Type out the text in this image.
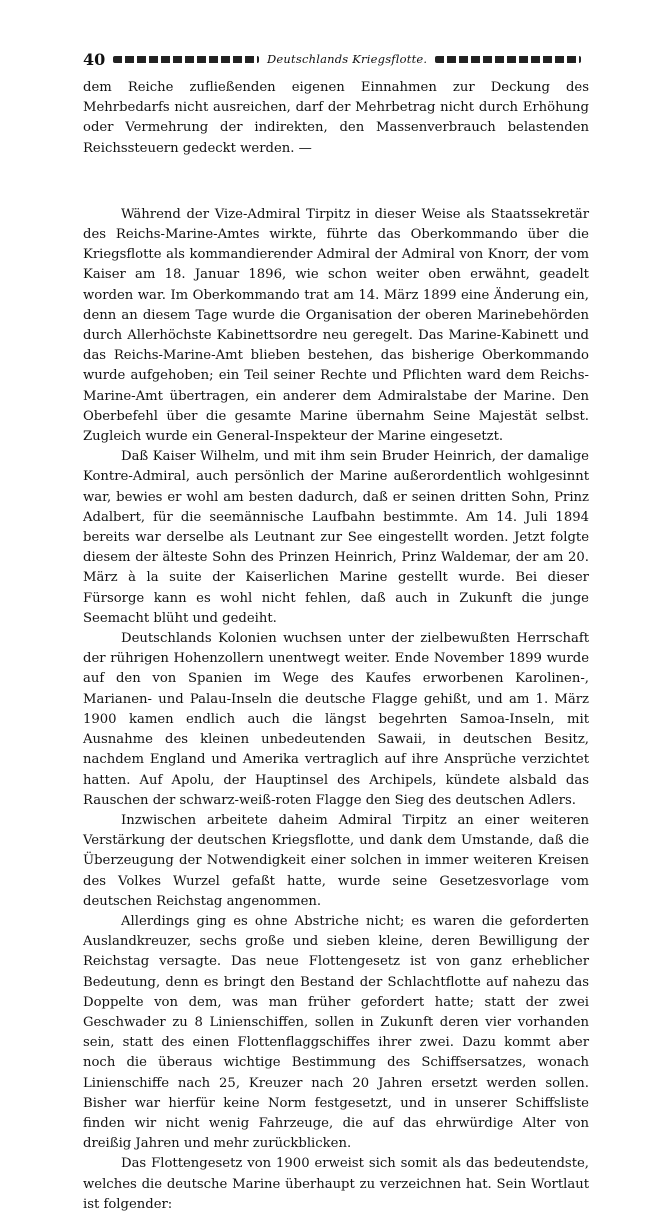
40	Deutschlands Kriegsflotte.

dem Reiche zufließenden eigenen Einnahmen zur Deckung des Mehrbedarfs nicht ausreichen, darf der Mehrbetrag nicht durch Erhöhung oder Vermehrung der indirekten, den Massenverbrauch belastenden Reichssteuern gedeckt werden. —

Während der Vize-Admiral Tirpitz in dieser Weise als Staatssekretär des Reichs-Marine-Amtes wirkte, führte das Oberkommando über die Kriegsflotte als kommandierender Admiral der Admiral von Knorr, der vom Kaiser am 18. Januar 1896, wie schon weiter oben erwähnt, geadelt worden war. Im Oberkommando trat am 14. März 1899 eine Änderung ein, denn an diesem Tage wurde die Organisation der oberen Marinebehörden durch Allerhöchste Kabinettsordre neu geregelt. Das Marine-Kabinett und das Reichs-Marine-Amt blieben bestehen, das bisherige Oberkommando wurde aufgehoben; ein Teil seiner Rechte und Pflichten ward dem Reichs-Marine-Amt übertragen, ein anderer dem Admiralstabe der Marine. Den Oberbefehl über die gesamte Marine übernahm Seine Majestät selbst. Zugleich wurde ein General-Inspekteur der Marine eingesetzt.

Daß Kaiser Wilhelm, und mit ihm sein Bruder Heinrich, der damalige Kontre-Admiral, auch persönlich der Marine außerordentlich wohlgesinnt war, bewies er wohl am besten dadurch, daß er seinen dritten Sohn, Prinz Adalbert, für die seemännische Laufbahn bestimmte. Am 14. Juli 1894 bereits war derselbe als Leutnant zur See eingestellt worden. Jetzt folgte diesem der älteste Sohn des Prinzen Heinrich, Prinz Waldemar, der am 20. März à la suite der Kaiserlichen Marine gestellt wurde. Bei dieser Fürsorge kann es wohl nicht fehlen, daß auch in Zukunft die junge Seemacht blüht und gedeiht.

Deutschlands Kolonien wuchsen unter der zielbewußten Herrschaft der rührigen Hohenzollern unentwegt weiter. Ende November 1899 wurde auf den von Spanien im Wege des Kaufes erworbenen Karolinen-, Marianen- und Palau-Inseln die deutsche Flagge gehißt, und am 1. März 1900 kamen endlich auch die längst begehrten Samoa-Inseln, mit Ausnahme des kleinen unbedeutenden Sawaii, in deutschen Besitz, nachdem England und Amerika vertraglich auf ihre Ansprüche verzichtet hatten. Auf Apolu, der Hauptinsel des Archipels, kündete alsbald das Rauschen der schwarz-weiß-roten Flagge den Sieg des deutschen Adlers.

Inzwischen arbeitete daheim Admiral Tirpitz an einer weiteren Verstärkung der deutschen Kriegsflotte, und dank dem Umstande, daß die Überzeugung der Notwendigkeit einer solchen in immer weiteren Kreisen des Volkes Wurzel gefaßt hatte, wurde seine Gesetzesvorlage vom deutschen Reichstag angenommen.

Allerdings ging es ohne Abstriche nicht; es waren die geforderten Auslandkreuzer, sechs große und sieben kleine, deren Bewilligung der Reichstag versagte. Das neue Flottengesetz ist von ganz erheblicher Bedeutung, denn es bringt den Bestand der Schlachtflotte auf nahezu das Doppelte von dem, was man früher gefordert hatte; statt der zwei Geschwader zu 8 Linienschiffen, sollen in Zukunft deren vier vorhanden sein, statt des einen Flottenflaggschiffes ihrer zwei. Dazu kommt aber noch die überaus wichtige Bestimmung des Schiffsersatzes, wonach Linienschiffe nach 25, Kreuzer nach 20 Jahren ersetzt werden sollen. Bisher war hierfür keine Norm festgesetzt, und in unserer Schiffsliste finden wir nicht wenig Fahrzeuge, die auf das ehrwürdige Alter von dreißig Jahren und mehr zurückblicken.

Das Flottengesetz von 1900 erweist sich somit als das bedeutendste, welches die deutsche Marine überhaupt zu verzeichnen hat. Sein Wortlaut ist folgender:
